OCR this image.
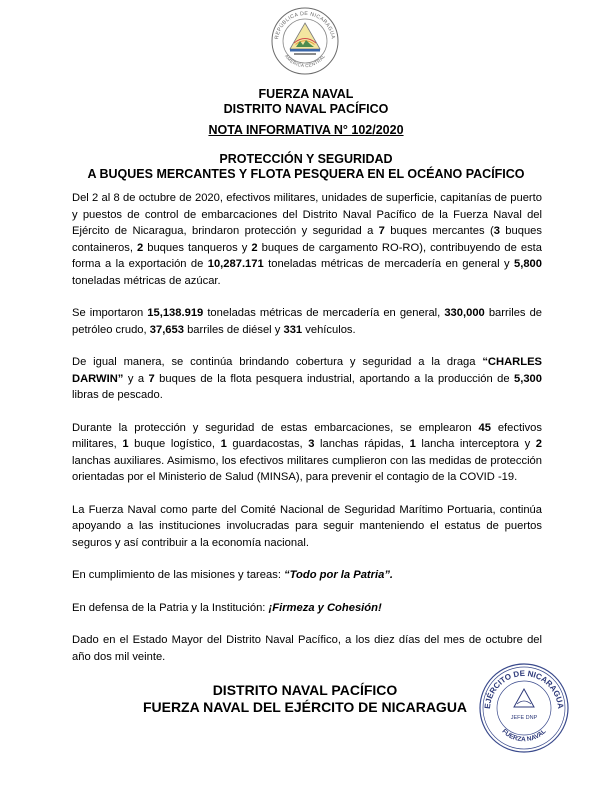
REPÚBLICA DE NICARAGUA
AMÉRICA CENTRAL
FUERZA NAVAL
DISTRITO NAVAL PACÍFICO
NOTA INFORMATIVA N° 102/2020
PROTECCIÓN Y SEGURIDAD
A BUQUES MERCANTES Y FLOTA PESQUERA EN EL OCÉANO PACÍFICO

Del 2 al 8 de octubre de 2020, efectivos militares, unidades de superficie, capitanías de puerto y puestos de control de embarcaciones del Distrito Naval Pacífico de la Fuerza Naval del Ejército de Nicaragua, brindaron protección y seguridad a 7 buques mercantes (3 buques containeros, 2 buques tanqueros y 2 buques de cargamento RO-RO), contribuyendo de esta forma a la exportación de 10,287.171 toneladas métricas de mercadería en general y 5,800 toneladas métricas de azúcar.

Se importaron 15,138.919 toneladas métricas de mercadería en general, 330,000 barriles de petróleo crudo, 37,653 barriles de diésel y 331 vehículos.

De igual manera, se continúa brindando cobertura y seguridad a la draga “CHARLES DARWIN” y a 7 buques de la flota pesquera industrial, aportando a la producción de 5,300 libras de pescado.

Durante la protección y seguridad de estas embarcaciones, se emplearon 45 efectivos militares, 1 buque logístico, 1 guardacostas, 3 lanchas rápidas, 1 lancha interceptora y 2 lanchas auxiliares. Asimismo, los efectivos militares cumplieron con las medidas de protección orientadas por el Ministerio de Salud (MINSA), para prevenir el contagio de la COVID -19.

La Fuerza Naval como parte del Comité Nacional de Seguridad Marítimo Portuaria, continúa apoyando a las instituciones involucradas para seguir manteniendo el estatus de puertos seguros y así contribuir a la economía nacional.

En cumplimiento de las misiones y tareas: “Todo por la Patria”.

En defensa de la Patria y la Institución: ¡Firmeza y Cohesión!

Dado en el Estado Mayor del Distrito Naval Pacífico, a los diez días del mes de octubre del año dos mil veinte.

DISTRITO NAVAL PACÍFICO
FUERZA NAVAL DEL EJÉRCITO DE NICARAGUA	EJÉRCITO DE NICARAGUA
FUERZA NAVAL
JEFE DNP
